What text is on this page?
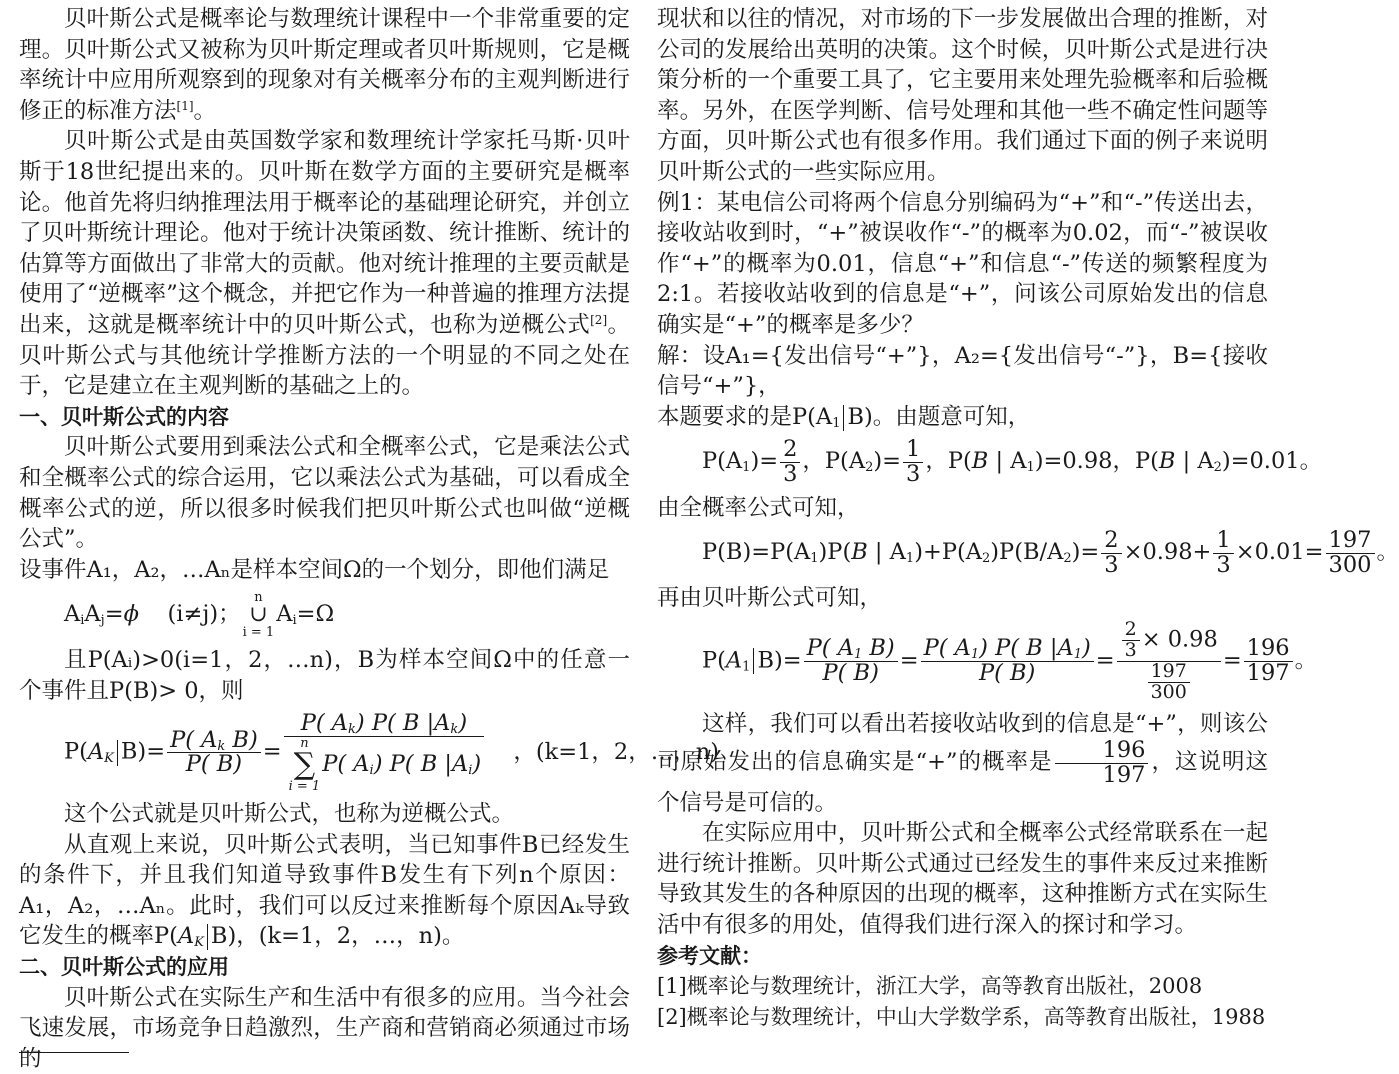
贝叶斯公式是概率论与数理统计课程中一个非常重要的定理。贝叶斯公式又被称为贝叶斯定理或者贝叶斯规则，它是概率统计中应用所观察到的现象对有关概率分布的主观判断进行修正的标准方法[1]。

贝叶斯公式是由英国数学家和数理统计学家托马斯·贝叶斯于18世纪提出来的。贝叶斯在数学方面的主要研究是概率论。他首先将归纳推理法用于概率论的基础理论研究，并创立了贝叶斯统计理论。他对于统计决策函数、统计推断、统计的估算等方面做出了非常大的贡献。他对统计推理的主要贡献是使用了“逆概率”这个概念，并把它作为一种普遍的推理方法提出来，这就是概率统计中的贝叶斯公式，也称为逆概公式[2]。贝叶斯公式与其他统计学推断方法的一个明显的不同之处在于，它是建立在主观判断的基础之上的。

一、贝叶斯公式的内容

贝叶斯公式要用到乘法公式和全概率公式，它是乘法公式和全概率公式的综合运用，它以乘法公式为基础，可以看成全概率公式的逆，所以很多时候我们把贝叶斯公式也叫做“逆概公式”。

设事件A₁，A₂，…Aₙ是样本空间Ω的一个划分，即他们满足

$A_iA_j=\phi$    (i≠j)；
n
∪
i = 1
$A_i=\Omega$

且P(Aᵢ)>0(i=1，2，…n)，B为样本空间Ω中的任意一个事件且P(B)> 0，则

$P(A_K$ $B)= \frac{P( A_k B)}{P( B)} = P$( $A_k$) P( B $|A_k$)
n
∑
i = 1
P( $A_i$) P( B $|A_i$) ，(k=1，2，…，n)

这个公式就是贝叶斯公式，也称为逆概公式。

从直观上来说，贝叶斯公式表明，当已知事件B已经发生的条件下，并且我们知道导致事件B发生有下列n个原因：A₁，A₂，…Aₙ。此时，我们可以反过来推断每个原因Aₖ导致它发生的概率$P(A_K$ B)，(k=1，2，…，n)。

二、贝叶斯公式的应用

贝叶斯公式在实际生产和生活中有很多的应用。当今社会飞速发展，市场竞争日趋激烈，生产商和营销商必须通过市场的

现状和以往的情况，对市场的下一步发展做出合理的推断，对公司的发展给出英明的决策。这个时候，贝叶斯公式是进行决策分析的一个重要工具了，它主要用来处理先验概率和后验概率。另外，在医学判断、信号处理和其他一些不确定性问题等方面，贝叶斯公式也有很多作用。我们通过下面的例子来说明贝叶斯公式的一些实际应用。

例1：某电信公司将两个信息分别编码为“+”和“-”传送出去，接收站收到时，“+”被误收作“-”的概率为0.02，而“-”被误收作“+”的概率为0.01，信息“+”和信息“-”传送的频繁程度为2:1。若接收站收到的信息是“+”，问该公司原始发出的信息确实是“+”的概率是多少？

解：设A₁={发出信号“+”}，A₂={发出信号“-”}，B={接收信号“+”}，

本题要求的是$P(A_1$ B)。由题意可知，

$P(A_1)= \frac{2}{3}$ ，$P(A_2)= \frac{1}{3}$ ，P(B | $A_1)=0.98$，P(B | $A_2)=0.01$。

由全概率公式可知，

$P(B)=P(A_1)P(B$ | $A_1)+P(A_2)P(B/A_2)= \frac{2}{3} \times 0.98+ \frac{1}{3} \times 0.01= \frac{197}{300}$ 。

再由贝叶斯公式可知，

$P(A_1$ $B)= \frac{P( A_1 B)}{P( B)} = \frac{P( A_1) P( B |A_1)}{P( B)} = \frac{\frac{2}{3} \times 0.98}{\frac{197}{300}} = \frac{196}{197}$ 。

这样，我们可以看出若接收站收到的信息是“+”，则该公司原始发出的信息确实是“+”的概率是 $\frac{196}{197}$ ，这说明这个信号是可信的。

在实际应用中，贝叶斯公式和全概率公式经常联系在一起进行统计推断。贝叶斯公式通过已经发生的事件来反过来推断导致其发生的各种原因的出现的概率，这种推断方式在实际生活中有很多的用处，值得我们进行深入的探讨和学习。

参考文献：

[1]概率论与数理统计，浙江大学，高等教育出版社，2008

[2]概率论与数理统计，中山大学数学系，高等教育出版社，1988
